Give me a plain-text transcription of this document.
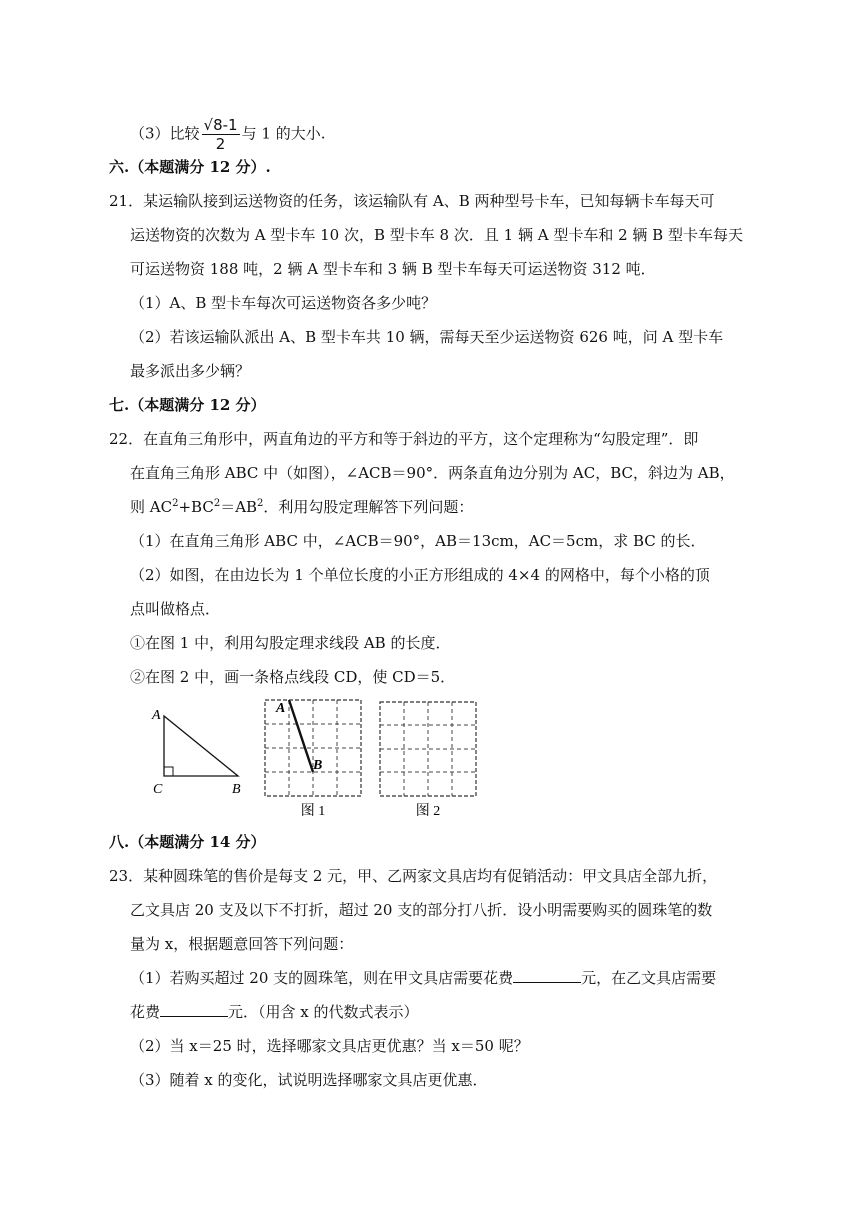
（3）比较 $\frac{√8-1}{2}$ 与 1 的大小.
六.（本题满分 12 分）.
21．某运输队接到运送物资的任务，该运输队有 A、B 两种型号卡车，已知每辆卡车每天可
运送物资的次数为 A 型卡车 10 次，B 型卡车 8 次．且 1 辆 A 型卡车和 2 辆 B 型卡车每天
可运送物资 188 吨，2 辆 A 型卡车和 3 辆 B 型卡车每天可运送物资 312 吨．
（1）A、B 型卡车每次可运送物资各多少吨？
（2）若该运输队派出 A、B 型卡车共 10 辆，需每天至少运送物资 626 吨，问 A 型卡车
最多派出多少辆？
七.（本题满分 12 分）
22．在直角三角形中，两直角边的平方和等于斜边的平方，这个定理称为“勾股定理”．即
在直角三角形 ABC 中（如图），∠ACB＝90°．两条直角边分别为 AC，BC，斜边为 AB，
则 $AC^2+BC^2=AB^2$．利用勾股定理解答下列问题：
（1）在直角三角形 ABC 中，∠ACB＝90°，AB＝13cm，AC＝5cm，求 BC 的长．
（2）如图，在由边长为 1 个单位长度的小正方形组成的 4×4 的网格中，每个小格的顶
点叫做格点．
①在图 1 中，利用勾股定理求线段 AB 的长度．
②在图 2 中，画一条格点线段 CD，使 CD＝5．
A
C	B
A
B
图 1	图 2
八.（本题满分 14 分）
23．某种圆珠笔的售价是每支 2 元，甲、乙两家文具店均有促销活动：甲文具店全部九折，
乙文具店 20 支及以下不打折，超过 20 支的部分打八折．设小明需要购买的圆珠笔的数
量为 x，根据题意回答下列问题：
（1）若购买超过 20 支的圆珠笔，则在甲文具店需要花费	元，在乙文具店需要
花费	元．（用含 x 的代数式表示）
（2）当 x＝25 时，选择哪家文具店更优惠？当 x＝50 呢？
（3）随着 x 的变化，试说明选择哪家文具店更优惠．
